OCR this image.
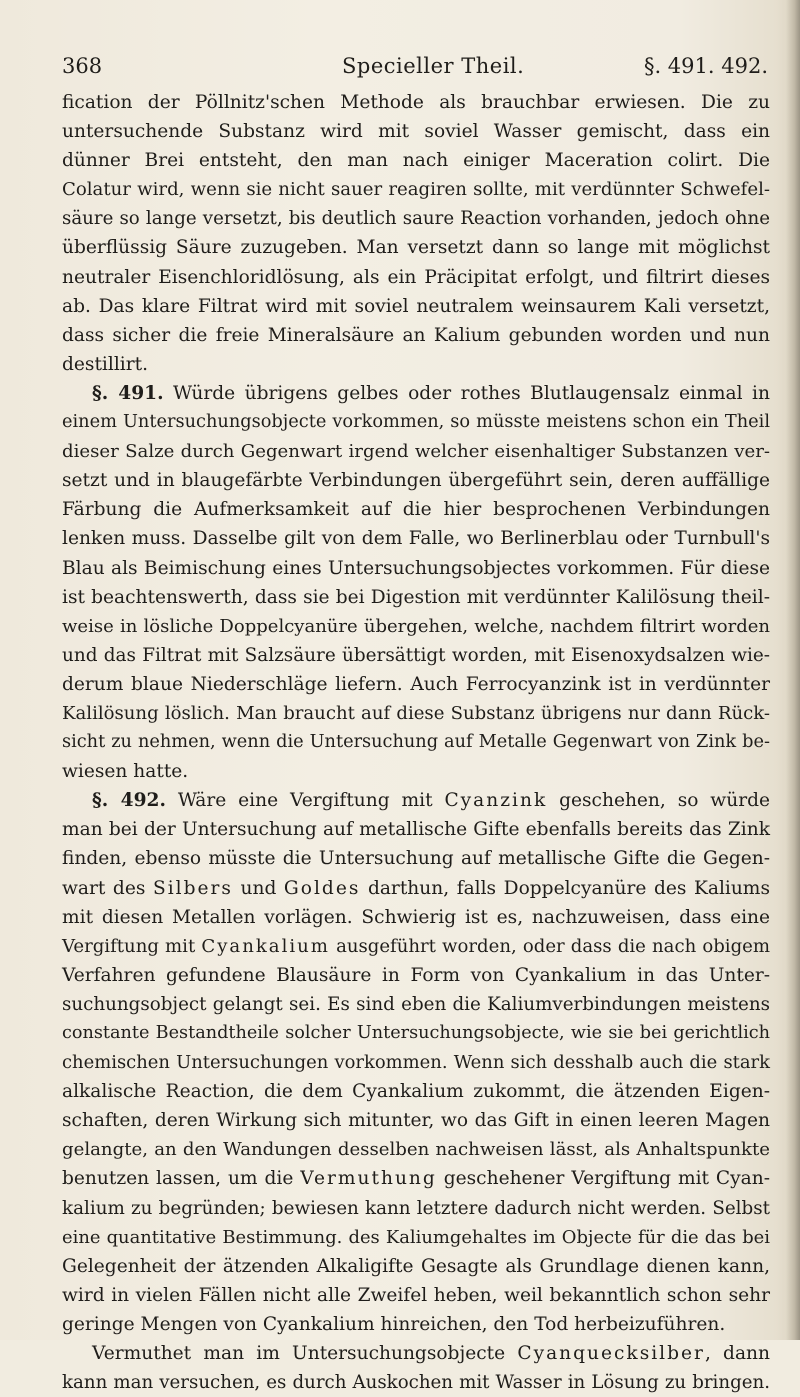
368	Specieller Theil.	§. 491. 492.
fication der Pöllnitz'schen Methode als brauchbar erwiesen. Die zu
untersuchende Substanz wird mit soviel Wasser gemischt, dass ein
dünner Brei entsteht, den man nach einiger Maceration colirt. Die
Colatur wird, wenn sie nicht sauer reagiren sollte, mit verdünnter Schwefel-
säure so lange versetzt, bis deutlich saure Reaction vorhanden, jedoch ohne
überflüssig Säure zuzugeben. Man versetzt dann so lange mit möglichst
neutraler Eisenchloridlösung, als ein Präcipitat erfolgt, und filtrirt dieses
ab. Das klare Filtrat wird mit soviel neutralem weinsaurem Kali versetzt,
dass sicher die freie Mineralsäure an Kalium gebunden worden und nun
destillirt.
§. 491. Würde übrigens gelbes oder rothes Blutlaugensalz einmal in
einem Untersuchungsobjecte vorkommen, so müsste meistens schon ein Theil
dieser Salze durch Gegenwart irgend welcher eisenhaltiger Substanzen ver-
setzt und in blaugefärbte Verbindungen übergeführt sein, deren auffällige
Färbung die Aufmerksamkeit auf die hier besprochenen Verbindungen
lenken muss. Dasselbe gilt von dem Falle, wo Berlinerblau oder Turnbull's
Blau als Beimischung eines Untersuchungsobjectes vorkommen. Für diese
ist beachtenswerth, dass sie bei Digestion mit verdünnter Kalilösung theil-
weise in lösliche Doppelcyanüre übergehen, welche, nachdem filtrirt worden
und das Filtrat mit Salzsäure übersättigt worden, mit Eisenoxydsalzen wie-
derum blaue Niederschläge liefern. Auch Ferrocyanzink ist in verdünnter
Kalilösung löslich. Man braucht auf diese Substanz übrigens nur dann Rück-
sicht zu nehmen, wenn die Untersuchung auf Metalle Gegenwart von Zink be-
wiesen hatte.
§. 492. Wäre eine Vergiftung mit Cyanzink geschehen, so würde
man bei der Untersuchung auf metallische Gifte ebenfalls bereits das Zink
finden, ebenso müsste die Untersuchung auf metallische Gifte die Gegen-
wart des Silbers und Goldes darthun, falls Doppelcyanüre des Kaliums
mit diesen Metallen vorlägen. Schwierig ist es, nachzuweisen, dass eine
Vergiftung mit Cyankalium ausgeführt worden, oder dass die nach obigem
Verfahren gefundene Blausäure in Form von Cyankalium in das Unter-
suchungsobject gelangt sei. Es sind eben die Kaliumverbindungen meistens
constante Bestandtheile solcher Untersuchungsobjecte, wie sie bei gerichtlich
chemischen Untersuchungen vorkommen. Wenn sich desshalb auch die stark
alkalische Reaction, die dem Cyankalium zukommt, die ätzenden Eigen-
schaften, deren Wirkung sich mitunter, wo das Gift in einen leeren Magen
gelangte, an den Wandungen desselben nachweisen lässt, als Anhaltspunkte
benutzen lassen, um die Vermuthung geschehener Vergiftung mit Cyan-
kalium zu begründen; bewiesen kann letztere dadurch nicht werden. Selbst
eine quantitative Bestimmung. des Kaliumgehaltes im Objecte für die das bei
Gelegenheit der ätzenden Alkaligifte Gesagte als Grundlage dienen kann,
wird in vielen Fällen nicht alle Zweifel heben, weil bekanntlich schon sehr
geringe Mengen von Cyankalium hinreichen, den Tod herbeizuführen.
Vermuthet man im Untersuchungsobjecte Cyanquecksilber, dann
kann man versuchen, es durch Auskochen mit Wasser in Lösung zu bringen.
